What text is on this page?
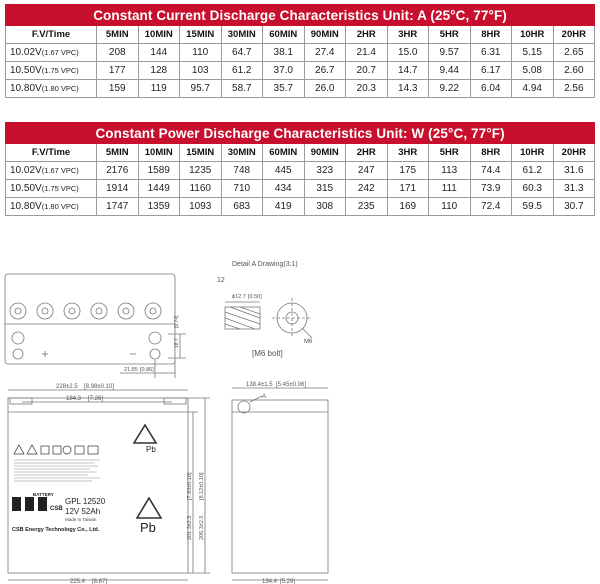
Constant Current Discharge Characteristics Unit: A (25°C, 77°F)												
F.V/Time	5MIN	10MIN	15MIN	30MIN	60MIN	90MIN	2HR	3HR	5HR	8HR	10HR	20HR
10.02V(1.67 VPC)	208	144	110	64.7	38.1	27.4	21.4	15.0	9.57	6.31	5.15	2.65
10.50V(1.75 VPC)	177	128	103	61.2	37.0	26.7	20.7	14.7	9.44	6.17	5.08	2.60
10.80V(1.80 VPC)	159	119	95.7	58.7	35.7	26.0	20.3	14.3	9.22	6.04	4.94	2.56
Constant Power Discharge Characteristics Unit: W (25°C, 77°F)												
F.V/Time	5MIN	10MIN	15MIN	30MIN	60MIN	90MIN	2HR	3HR	5HR	8HR	10HR	20HR
10.02V(1.67 VPC)	2176	1589	1235	748	445	323	247	175	113	74.4	61.2	31.6
10.50V(1.75 VPC)	1914	1449	1160	710	434	315	242	171	111	73.9	60.3	31.3
10.80V(1.80 VPC)	1747	1359	1093	683	419	308	235	169	110	72.4	59.5	30.7
Detail A Drawing(3:1)
12
ϕ12.7 [0.50]
[M6 bolt]
M6
18.7
[0.74]
21.85 [0.86]
228±2.5 [8.98±0.10]
184.3 [7.26]
225.4 [8.87]
201.3±2.5
[7.93±0.10]
206.3±2.5
[8.12±0.10]
138.4±1.5 [5.45±0.06]
A
134.4 [5.29]
BATTERY
CSB
GPL 12520
12V 52Ah
Made In Taiwan
CSB Energy Technology Co., Ltd.
Pb
Pb
